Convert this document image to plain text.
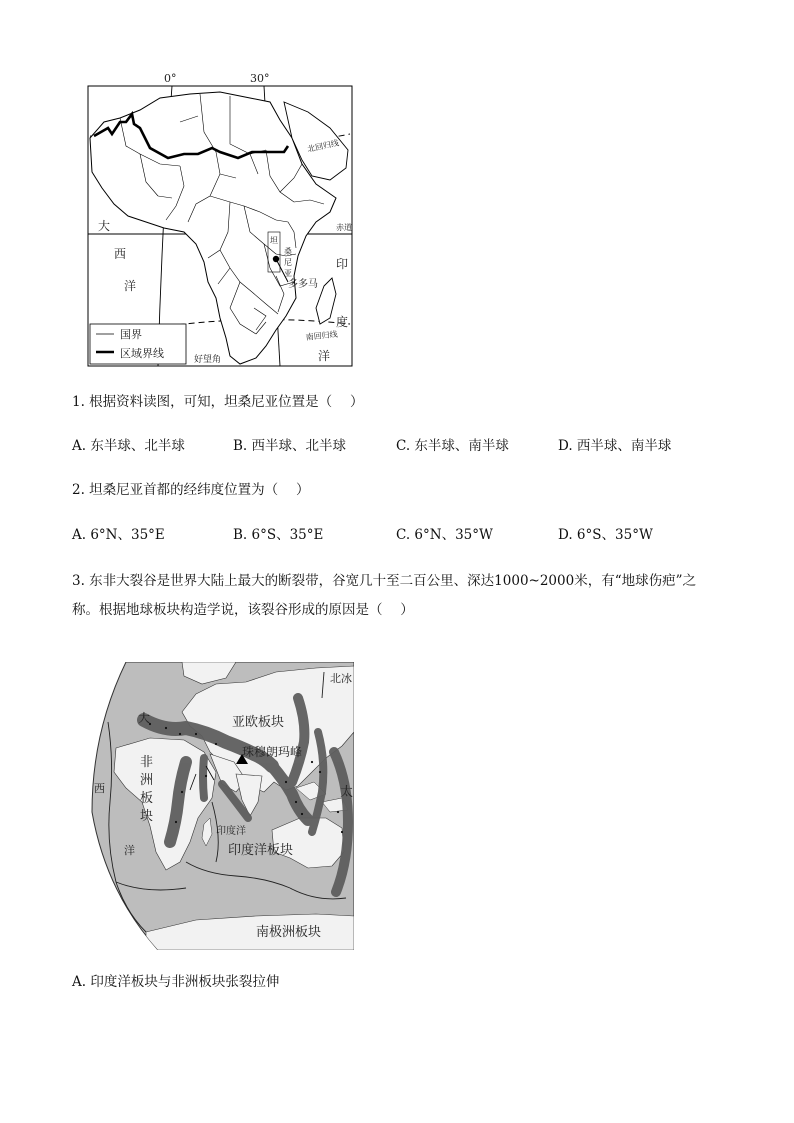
0°	30°
北回归线
赤道
南回归线
坦
桑
尼
亚
多多马
大
西
洋
印
度
洋
好望角
国界
区域界线
1. 根据资料读图，可知，坦桑尼亚位置是（　 ）
A. 东半球、北半球	B. 西半球、北半球	C. 东半球、南半球	D. 西半球、南半球
2. 坦桑尼亚首都的经纬度位置为（　 ）
A. 6°N、35°E	B. 6°S、35°E	C. 6°N、35°W	D. 6°S、35°W
3. 东非大裂谷是世界大陆上最大的断裂带，谷宽几十至二百公里、深达1000~2000米，有“地球伤疤”之
称。根据地球板块构造学说，该裂谷形成的原因是（　 ）
北冰
大	亚欧板块
珠穆朗玛峰
非
洲
板
块
西
洋
印度洋
印度洋板块
太
南极洲板块
A. 印度洋板块与非洲板块张裂拉伸
